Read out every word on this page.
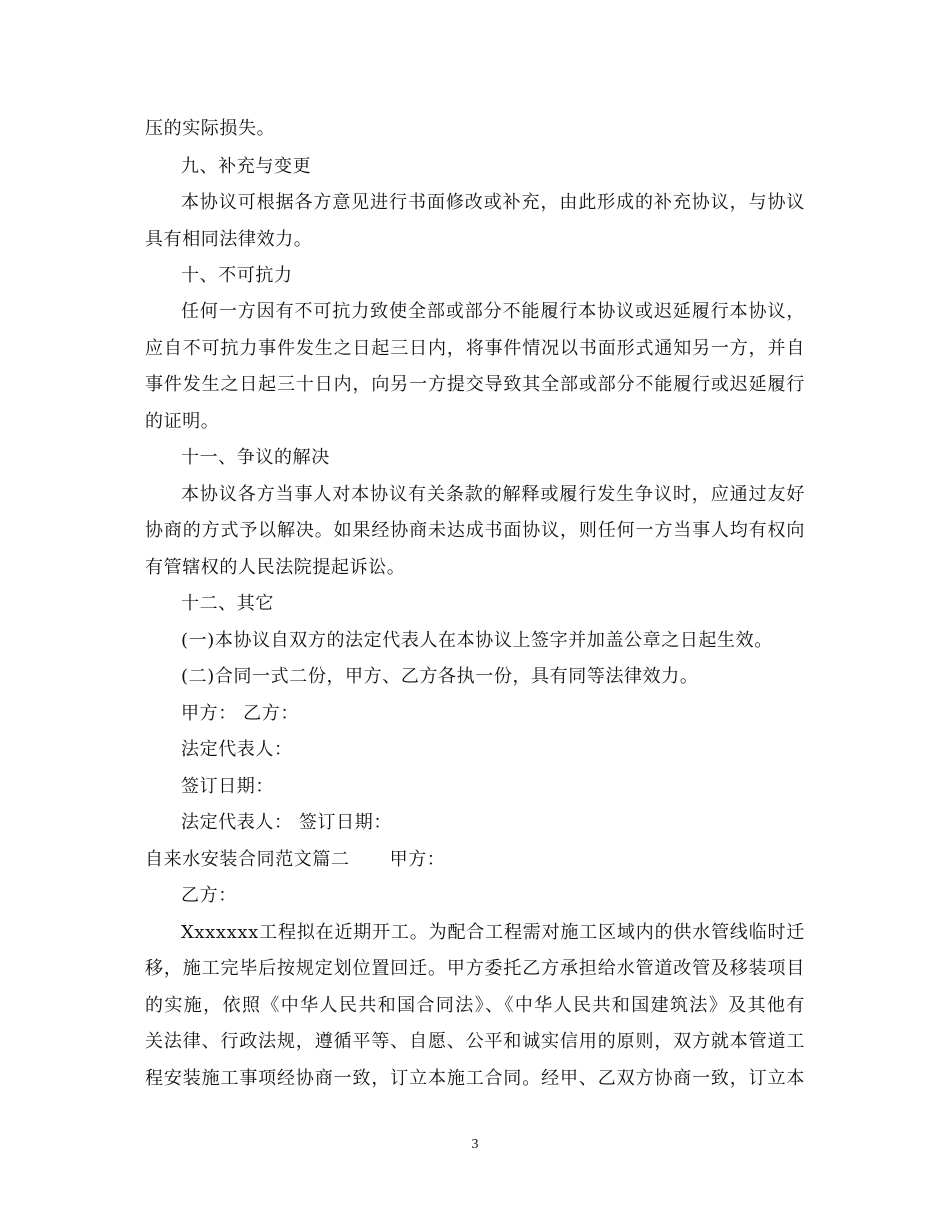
压的实际损失。
九、补充与变更
本协议可根据各方意见进行书面修改或补充，由此形成的补充协议，与协议
具有相同法律效力。
十、不可抗力
任何一方因有不可抗力致使全部或部分不能履行本协议或迟延履行本协议，
应自不可抗力事件发生之日起三日内，将事件情况以书面形式通知另一方，并自
事件发生之日起三十日内，向另一方提交导致其全部或部分不能履行或迟延履行
的证明。
十一、争议的解决
本协议各方当事人对本协议有关条款的解释或履行发生争议时，应通过友好
协商的方式予以解决。如果经协商未达成书面协议，则任何一方当事人均有权向
有管辖权的人民法院提起诉讼。
十二、其它
(一)本协议自双方的法定代表人在本协议上签字并加盖公章之日起生效。
(二)合同一式二份，甲方、乙方各执一份，具有同等法律效力。
甲方： 乙方：
法定代表人：
签订日期：
法定代表人： 签订日期：
自来水安装合同范文篇二 甲方：
乙方：
Xxxxxxx工程拟在近期开工。为配合工程需对施工区域内的供水管线临时迁
移，施工完毕后按规定划位置回迁。甲方委托乙方承担给水管道改管及移装项目
的实施，依照《中华人民共和国合同法》、《中华人民共和国建筑法》及其他有
关法律、行政法规，遵循平等、自愿、公平和诚实信用的原则，双方就本管道工
程安装施工事项经协商一致，订立本施工合同。经甲、乙双方协商一致，订立本
3
